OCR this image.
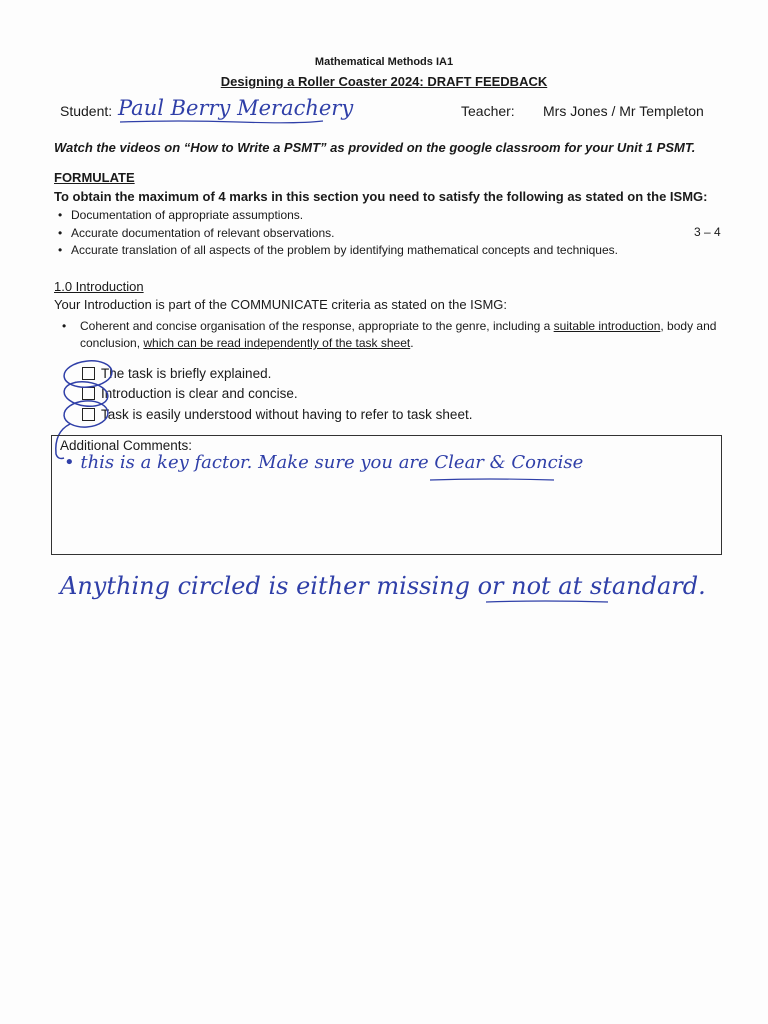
Mathematical Methods IA1
Designing a Roller Coaster 2024: DRAFT FEEDBACK
Student: Paul Berry Merachery	Teacher: Mrs Jones / Mr Templeton
Watch the videos on “How to Write a PSMT” as provided on the google classroom for your Unit 1 PSMT.
FORMULATE
To obtain the maximum of 4 marks in this section you need to satisfy the following as stated on the ISMG:
• Documentation of appropriate assumptions.
• Accurate documentation of relevant observations.
• Accurate translation of all aspects of the problem by identifying mathematical concepts and techniques.
3 – 4
1.0 Introduction
Your Introduction is part of the COMMUNICATE criteria as stated on the ISMG:
• Coherent and concise organisation of the response, appropriate to the genre, including a suitable introduction, body and conclusion, which can be read independently of the task sheet.
The task is briefly explained.
Introduction is clear and concise.
Task is easily understood without having to refer to task sheet.
Additional Comments:
• this is a key factor. Make sure you are Clear & Concise
Anything circled is either missing or not at standard.
